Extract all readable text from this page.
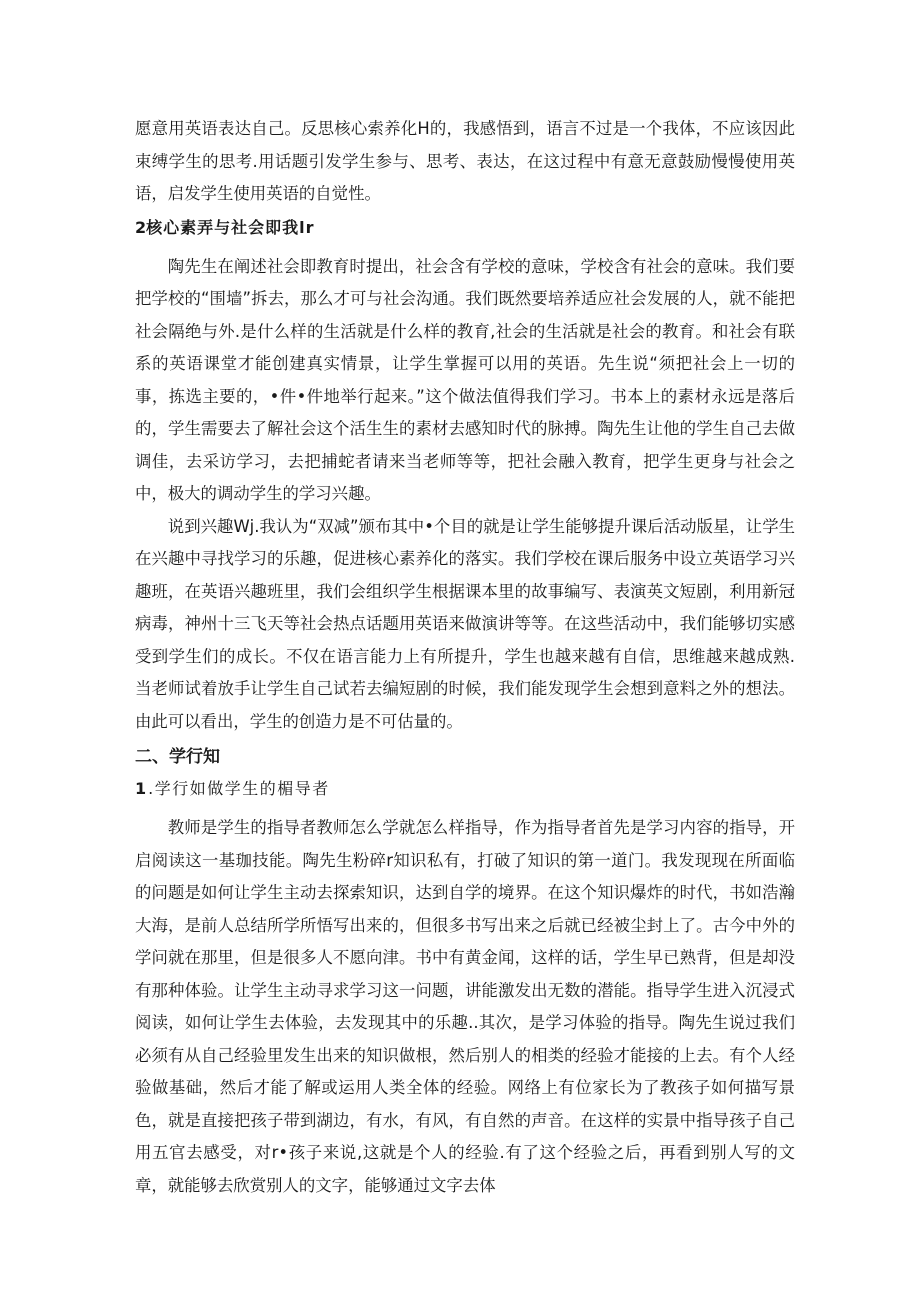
愿意用英语表达自己。反思核心索养化H的，我感悟到，语言不过是一个我体，不应该因此束缚学生的思考.用话题引发学生参与、思考、表达，在这过程中有意无意鼓励慢慢使用英语，启发学生使用英语的自觉性。

2核心素弄与社会即我lr

陶先生在阐述社会即教育时提出，社会含有学校的意味，学校含有社会的意味。我们要把学校的“围墙”拆去，那么才可与社会沟通。我们既然要培养适应社会发展的人，就不能把社会隔绝与外.是什么样的生活就是什么样的教育,社会的生活就是社会的教育。和社会有联系的英语课堂才能创建真实情景，让学生掌握可以用的英语。先生说“须把社会上一切的事，拣选主要的，•件•件地举行起来。”这个做法值得我们学习。书本上的素材永远是落后的，学生需要去了解社会这个活生生的素材去感知时代的脉搏。陶先生让他的学生自己去做调佳，去采访学习，去把捕蛇者请来当老师等等，把社会融入教育，把学生更身与社会之中，极大的调动学生的学习兴趣。

说到兴趣Wj.我认为“双减”颁布其中•个目的就是让学生能够提升课后活动版星，让学生在兴趣中寻找学习的乐趣，促进核心素养化的落实。我们学校在课后服务中设立英语学习兴趣班，在英语兴趣班里，我们会组织学生根据课本里的故事编写、表演英文短剧，利用新冠病毒，神州十三飞天等社会热点话题用英语来做演讲等等。在这些活动中，我们能够切实感受到学生们的成长。不仅在语言能力上有所提升，学生也越来越有自信，思维越来越成熟.当老师试着放手让学生自己试若去编短剧的时候，我们能发现学生会想到意料之外的想法。由此可以看出，学生的创造力是不可估量的。

二、学行知
1.学行如做学生的楣导者

教师是学生的指导者教师怎么学就怎么样指导，作为指导者首先是学习内容的指导，开启阅读这一基珈技能。陶先生粉碎r知识私有，打破了知识的第一道门。我发现现在所面临的问题是如何让学生主动去探索知识，达到自学的境界。在这个知识爆炸的时代，书如浩瀚大海，是前人总结所学所悟写出来的，但很多书写出来之后就已经被尘封上了。古今中外的学问就在那里，但是很多人不愿向津。书中有黄金闻，这样的话，学生早已熟背，但是却没有那种体验。让学生主动寻求学习这一问题，讲能激发出无数的潜能。指导学生进入沉浸式阅读，如何让学生去体验，去发现其中的乐趣..其次，是学习体验的指导。陶先生说过我们必须有从自己经验里发生出来的知识做根，然后别人的相类的经验才能接的上去。有个人经验做基础，然后才能了解或运用人类全体的经验。网络上有位家长为了教孩子如何描写景色，就是直接把孩子带到湖边，有水，有风，有自然的声音。在这样的实景中指导孩子自己用五官去感受，对r•孩子来说,这就是个人的经验.有了这个经验之后，再看到别人写的文章，就能够去欣赏别人的文字，能够通过文字去体
